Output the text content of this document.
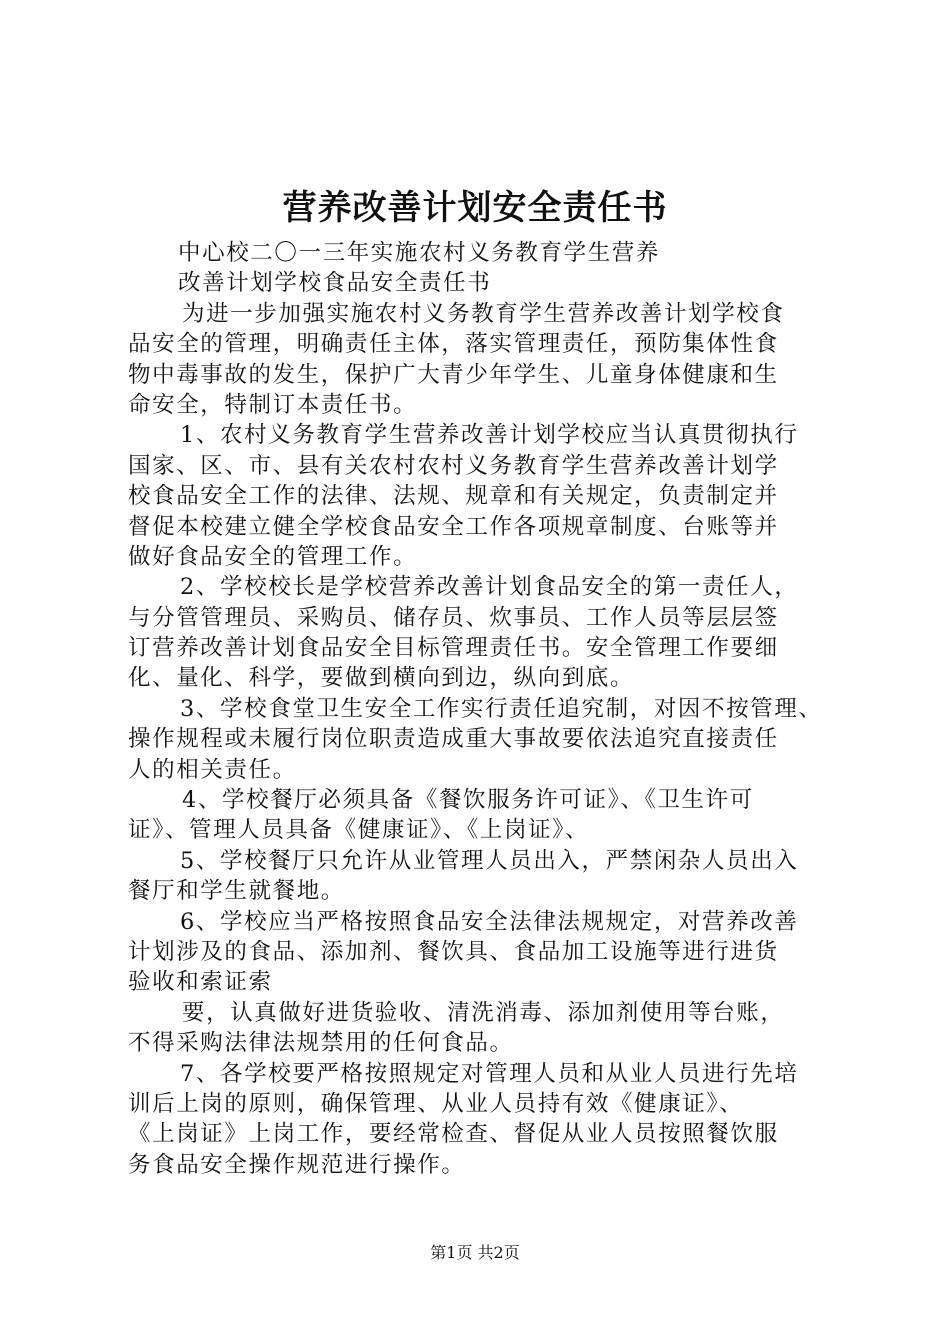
营养改善计划安全责任书
中心校二〇一三年实施农村义务教育学生营养
改善计划学校食品安全责任书
为进一步加强实施农村义务教育学生营养改善计划学校食
品安全的管理，明确责任主体，落实管理责任，预防集体性食
物中毒事故的发生，保护广大青少年学生、儿童身体健康和生
命安全，特制订本责任书。
1、农村义务教育学生营养改善计划学校应当认真贯彻执行
国家、区、市、县有关农村农村义务教育学生营养改善计划学
校食品安全工作的法律、法规、规章和有关规定，负责制定并
督促本校建立健全学校食品安全工作各项规章制度、台账等并
做好食品安全的管理工作。
2、学校校长是学校营养改善计划食品安全的第一责任人，
与分管管理员、采购员、储存员、炊事员、工作人员等层层签
订营养改善计划食品安全目标管理责任书。安全管理工作要细
化、量化、科学，要做到横向到边，纵向到底。
3、学校食堂卫生安全工作实行责任追究制，对因不按管理、
操作规程或未履行岗位职责造成重大事故要依法追究直接责任
人的相关责任。
4、学校餐厅必须具备《餐饮服务许可证》、《卫生许可
证》、管理人员具备《健康证》、《上岗证》、
5、学校餐厅只允许从业管理人员出入，严禁闲杂人员出入
餐厅和学生就餐地。
6、学校应当严格按照食品安全法律法规规定，对营养改善
计划涉及的食品、添加剂、餐饮具、食品加工设施等进行进货
验收和索证索
要，认真做好进货验收、清洗消毒、添加剂使用等台账，
不得采购法律法规禁用的任何食品。
7、各学校要严格按照规定对管理人员和从业人员进行先培
训后上岗的原则，确保管理、从业人员持有效《健康证》、
《上岗证》上岗工作，要经常检查、督促从业人员按照餐饮服
务食品安全操作规范进行操作。
第1页 共2页
